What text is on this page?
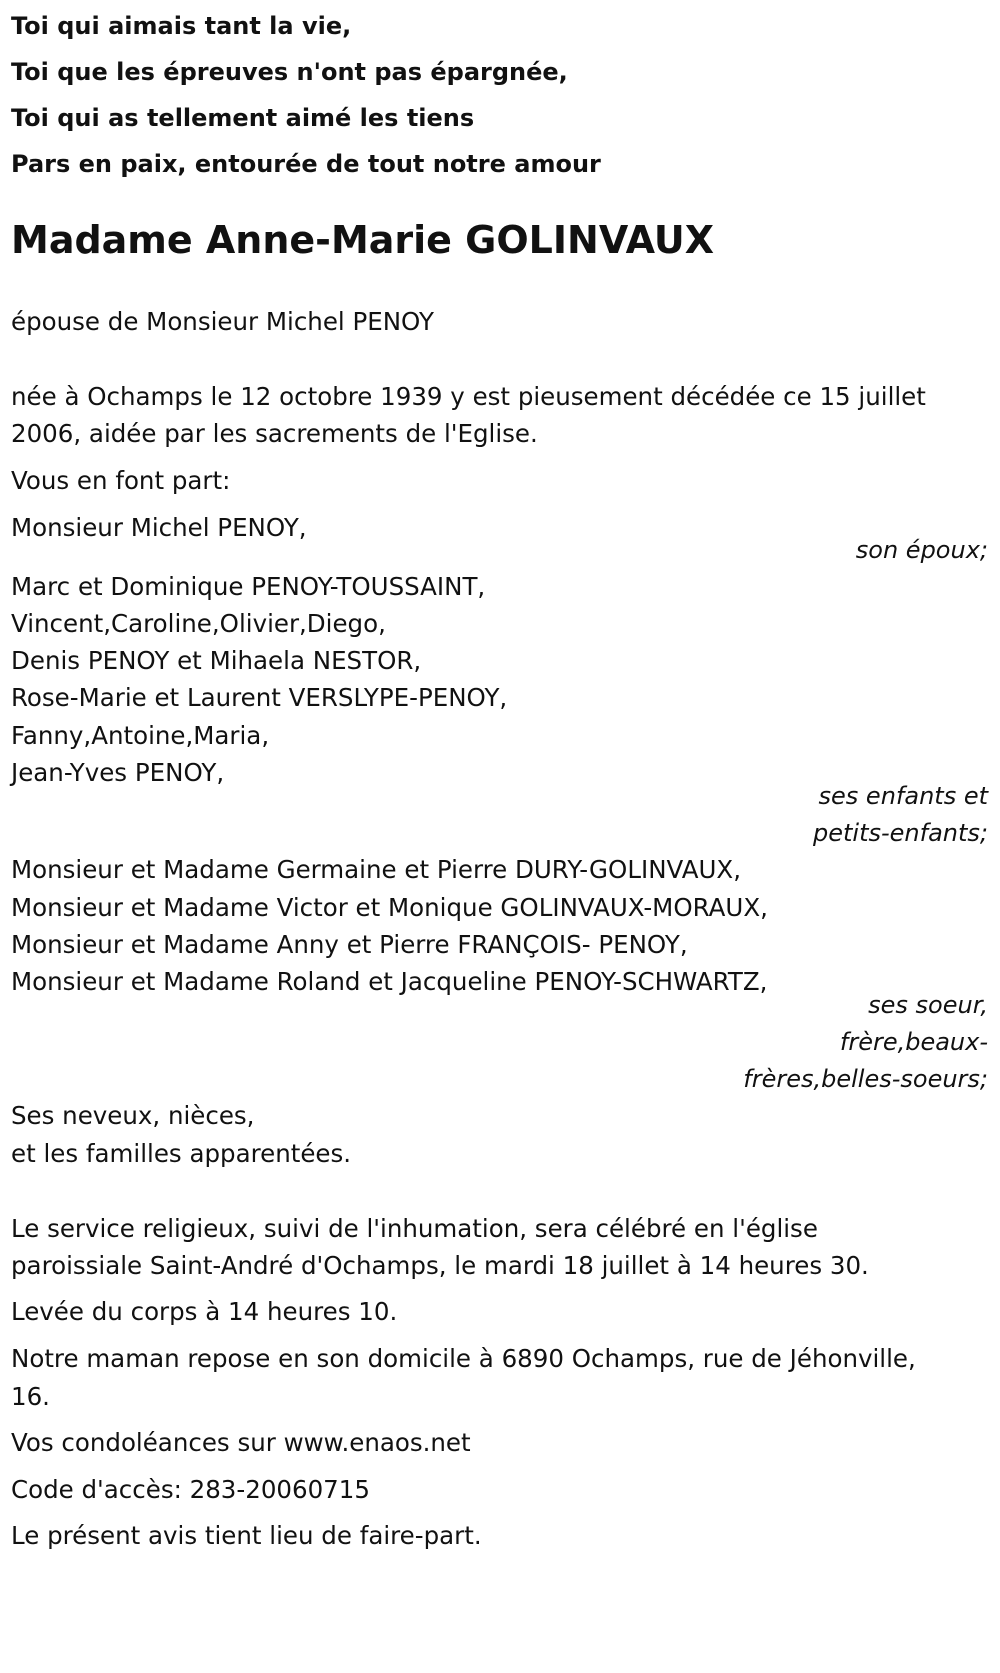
Toi qui aimais tant la vie,
Toi que les épreuves n'ont pas épargnée,
Toi qui as tellement aimé les tiens
Pars en paix, entourée de tout notre amour
Madame Anne-Marie GOLINVAUX
épouse de Monsieur Michel PENOY
née à Ochamps le 12 octobre 1939 y est pieusement décédée ce 15 juillet
2006, aidée par les sacrements de l'Eglise.
Vous en font part:
Monsieur Michel PENOY,
son époux;
Marc et Dominique PENOY-TOUSSAINT,
Vincent,Caroline,Olivier,Diego,
Denis PENOY et Mihaela NESTOR,
Rose-Marie et Laurent VERSLYPE-PENOY,
Fanny,Antoine,Maria,
Jean-Yves PENOY,
ses enfants et
petits-enfants;
Monsieur et Madame Germaine et Pierre DURY-GOLINVAUX,
Monsieur et Madame Victor et Monique GOLINVAUX-MORAUX,
Monsieur et Madame Anny et Pierre FRANÇOIS- PENOY,
Monsieur et Madame Roland et Jacqueline PENOY-SCHWARTZ,
ses soeur,
frère,beaux-
frères,belles-soeurs;
Ses neveux, nièces,
et les familles apparentées.
Le service religieux, suivi de l'inhumation, sera célébré en l'église
paroissiale Saint-André d'Ochamps, le mardi 18 juillet à 14 heures 30.
Levée du corps à 14 heures 10.
Notre maman repose en son domicile à 6890 Ochamps, rue de Jéhonville,
16.
Vos condoléances sur www.enaos.net
Code d'accès: 283-20060715
Le présent avis tient lieu de faire-part.
